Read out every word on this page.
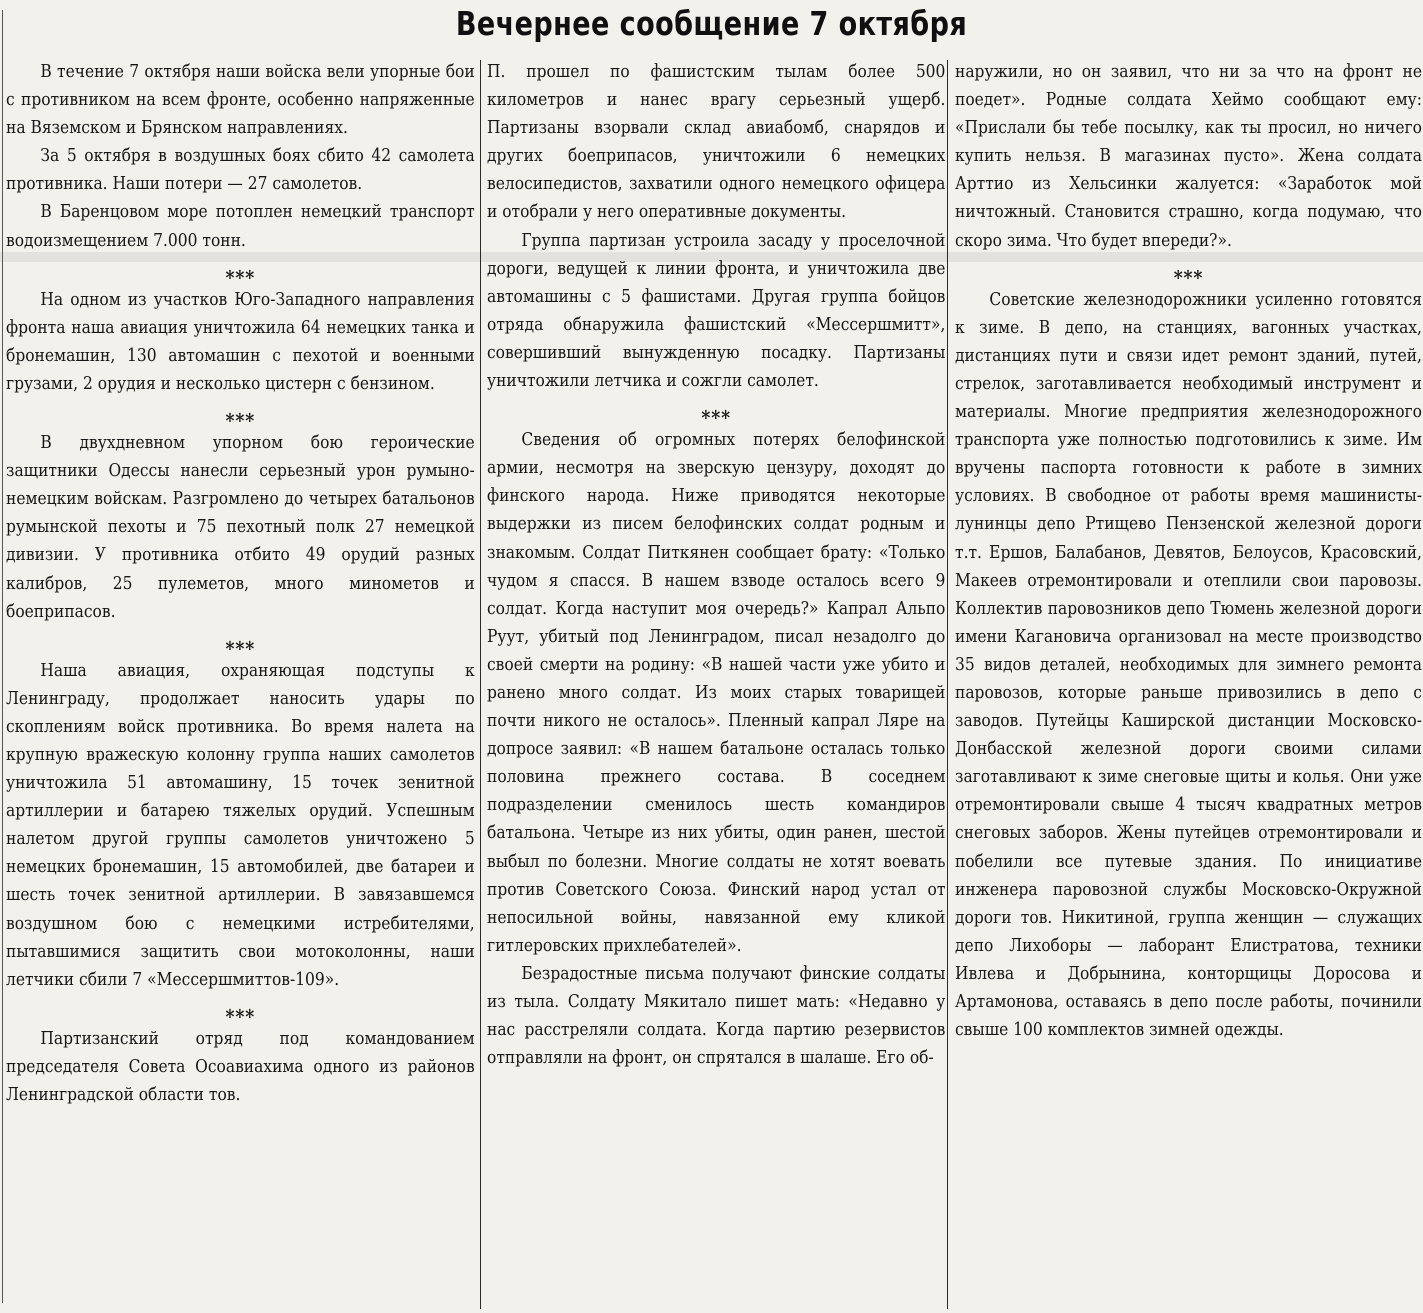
Вечернее сообщение 7 октября

В течение 7 октября наши войска вели упорные бои с противником на всем фронте, особенно напряженные на Вяземском и Брянском направлениях.

За 5 октября в воздушных боях сбито 42 самолета противника. Наши потери — 27 самолетов.

В Баренцовом море потоплен немецкий транспорт водоизмещением 7.000 тонн.

⁎⁎⁎

На одном из участков Юго-Западного направления фронта наша авиация уничтожила 64 немецких танка и бронемашин, 130 автомашин с пехотой и военными грузами, 2 орудия и несколько цистерн с бензином.

⁎⁎⁎

В двухдневном упорном бою героические защитники Одессы нанесли серьезный урон румыно-немецким войскам. Разгромлено до четырех батальонов румынской пехоты и 75 пехотный полк 27 немецкой дивизии. У противника отбито 49 орудий разных калибров, 25 пулеметов, много минометов и боеприпасов.

⁎⁎⁎

Наша авиация, охраняющая подступы к Ленинграду, продолжает наносить удары по скоплениям войск противника. Во время налета на крупную вражескую колонну группа наших самолетов уничтожила 51 автомашину, 15 точек зенитной артиллерии и батарею тяжелых орудий. Успешным налетом другой группы самолетов уничтожено 5 немецких бронемашин, 15 автомобилей, две батареи и шесть точек зенитной артиллерии. В завязавшемся воздушном бою с немецкими истребителями, пытавшимися защитить свои мотоколонны, наши летчики сбили 7 «Мессершмиттов-109».

⁎⁎⁎

Партизанский отряд под командованием председателя Совета Осоавиахима одного из районов Ленинградской области тов.

П. прошел по фашистским тылам более 500 километров и нанес врагу серьезный ущерб. Партизаны взорвали склад авиабомб, снарядов и других боеприпасов, уничтожили 6 немецких велосипедистов, захватили одного немецкого офицера и отобрали у него оперативные документы.

Группа партизан устроила засаду у проселочной дороги, ведущей к линии фронта, и уничтожила две автомашины с 5 фашистами. Другая группа бойцов отряда обнаружила фашистский «Мессершмитт», совершивший вынужденную посадку. Партизаны уничтожили летчика и сожгли самолет.

⁎⁎⁎

Сведения об огромных потерях белофинской армии, несмотря на зверскую цензуру, доходят до финского народа. Ниже приводятся некоторые выдержки из писем белофинских солдат родным и знакомым. Солдат Питкянен сообщает брату: «Только чудом я спасся. В нашем взводе осталось всего 9 солдат. Когда наступит моя очередь?» Капрал Альпо Руут, убитый под Ленинградом, писал незадолго до своей смерти на родину: «В нашей части уже убито и ранено много солдат. Из моих старых товарищей почти никого не осталось». Пленный капрал Ляре на допросе заявил: «В нашем батальоне осталась только половина прежнего состава. В соседнем подразделении сменилось шесть командиров батальона. Четыре из них убиты, один ранен, шестой выбыл по болезни. Многие солдаты не хотят воевать против Советского Союза. Финский народ устал от непосильной войны, навязанной ему кликой гитлеровских прихлебателей».

Безрадостные письма получают финские солдаты из тыла. Солдату Мякиталo пишет мать: «Недавно у нас расстреляли солдата. Когда партию резервистов отправляли на фронт, он спрятался в шалаше. Его об-

наружили, но он заявил, что ни за что на фронт не поедет». Родные солдата Хеймо сообщают ему: «Прислали бы тебе посылку, как ты просил, но ничего купить нельзя. В магазинах пусто». Жена солдата Арттио из Хельсинки жалуется: «Заработок мой ничтожный. Становится страшно, когда подумаю, что скоро зима. Что будет впереди?».

⁎⁎⁎

Советские железнодорожники усиленно готовятся к зиме. В депо, на станциях, вагонных участках, дистанциях пути и связи идет ремонт зданий, путей, стрелок, заготавливается необходимый инструмент и материалы. Многие предприятия железнодорожного транспорта уже полностью подготовились к зиме. Им вручены паспорта готовности к работе в зимних условиях. В свободное от работы время машинисты-лунинцы депо Ртищево Пензенской железной дороги т.т. Ершов, Балабанов, Девятов, Белоусов, Красовский, Макеев отремонтировали и отеплили свои паровозы. Коллектив паровозников депо Тюмень железной дороги имени Кагановича организовал на месте производство 35 видов деталей, необходимых для зимнего ремонта паровозов, которые раньше привозились в депо с заводов. Путейцы Каширской дистанции Московско-Донбасской железной дороги своими силами заготавливают к зиме снеговые щиты и колья. Они уже отремонтировали свыше 4 тысяч квадратных метров снеговых заборов. Жены путейцев отремонтировали и побелили все путевые здания. По инициативе инженера паровозной службы Московско-Окружной дороги тов. Никитиной, группа женщин — служащих депо Лихоборы — лаборант Елистратова, техники Ивлева и Добрынина, конторщицы Доросова и Артамонова, оставаясь в депо после работы, починили свыше 100 комплектов зимней одежды.
